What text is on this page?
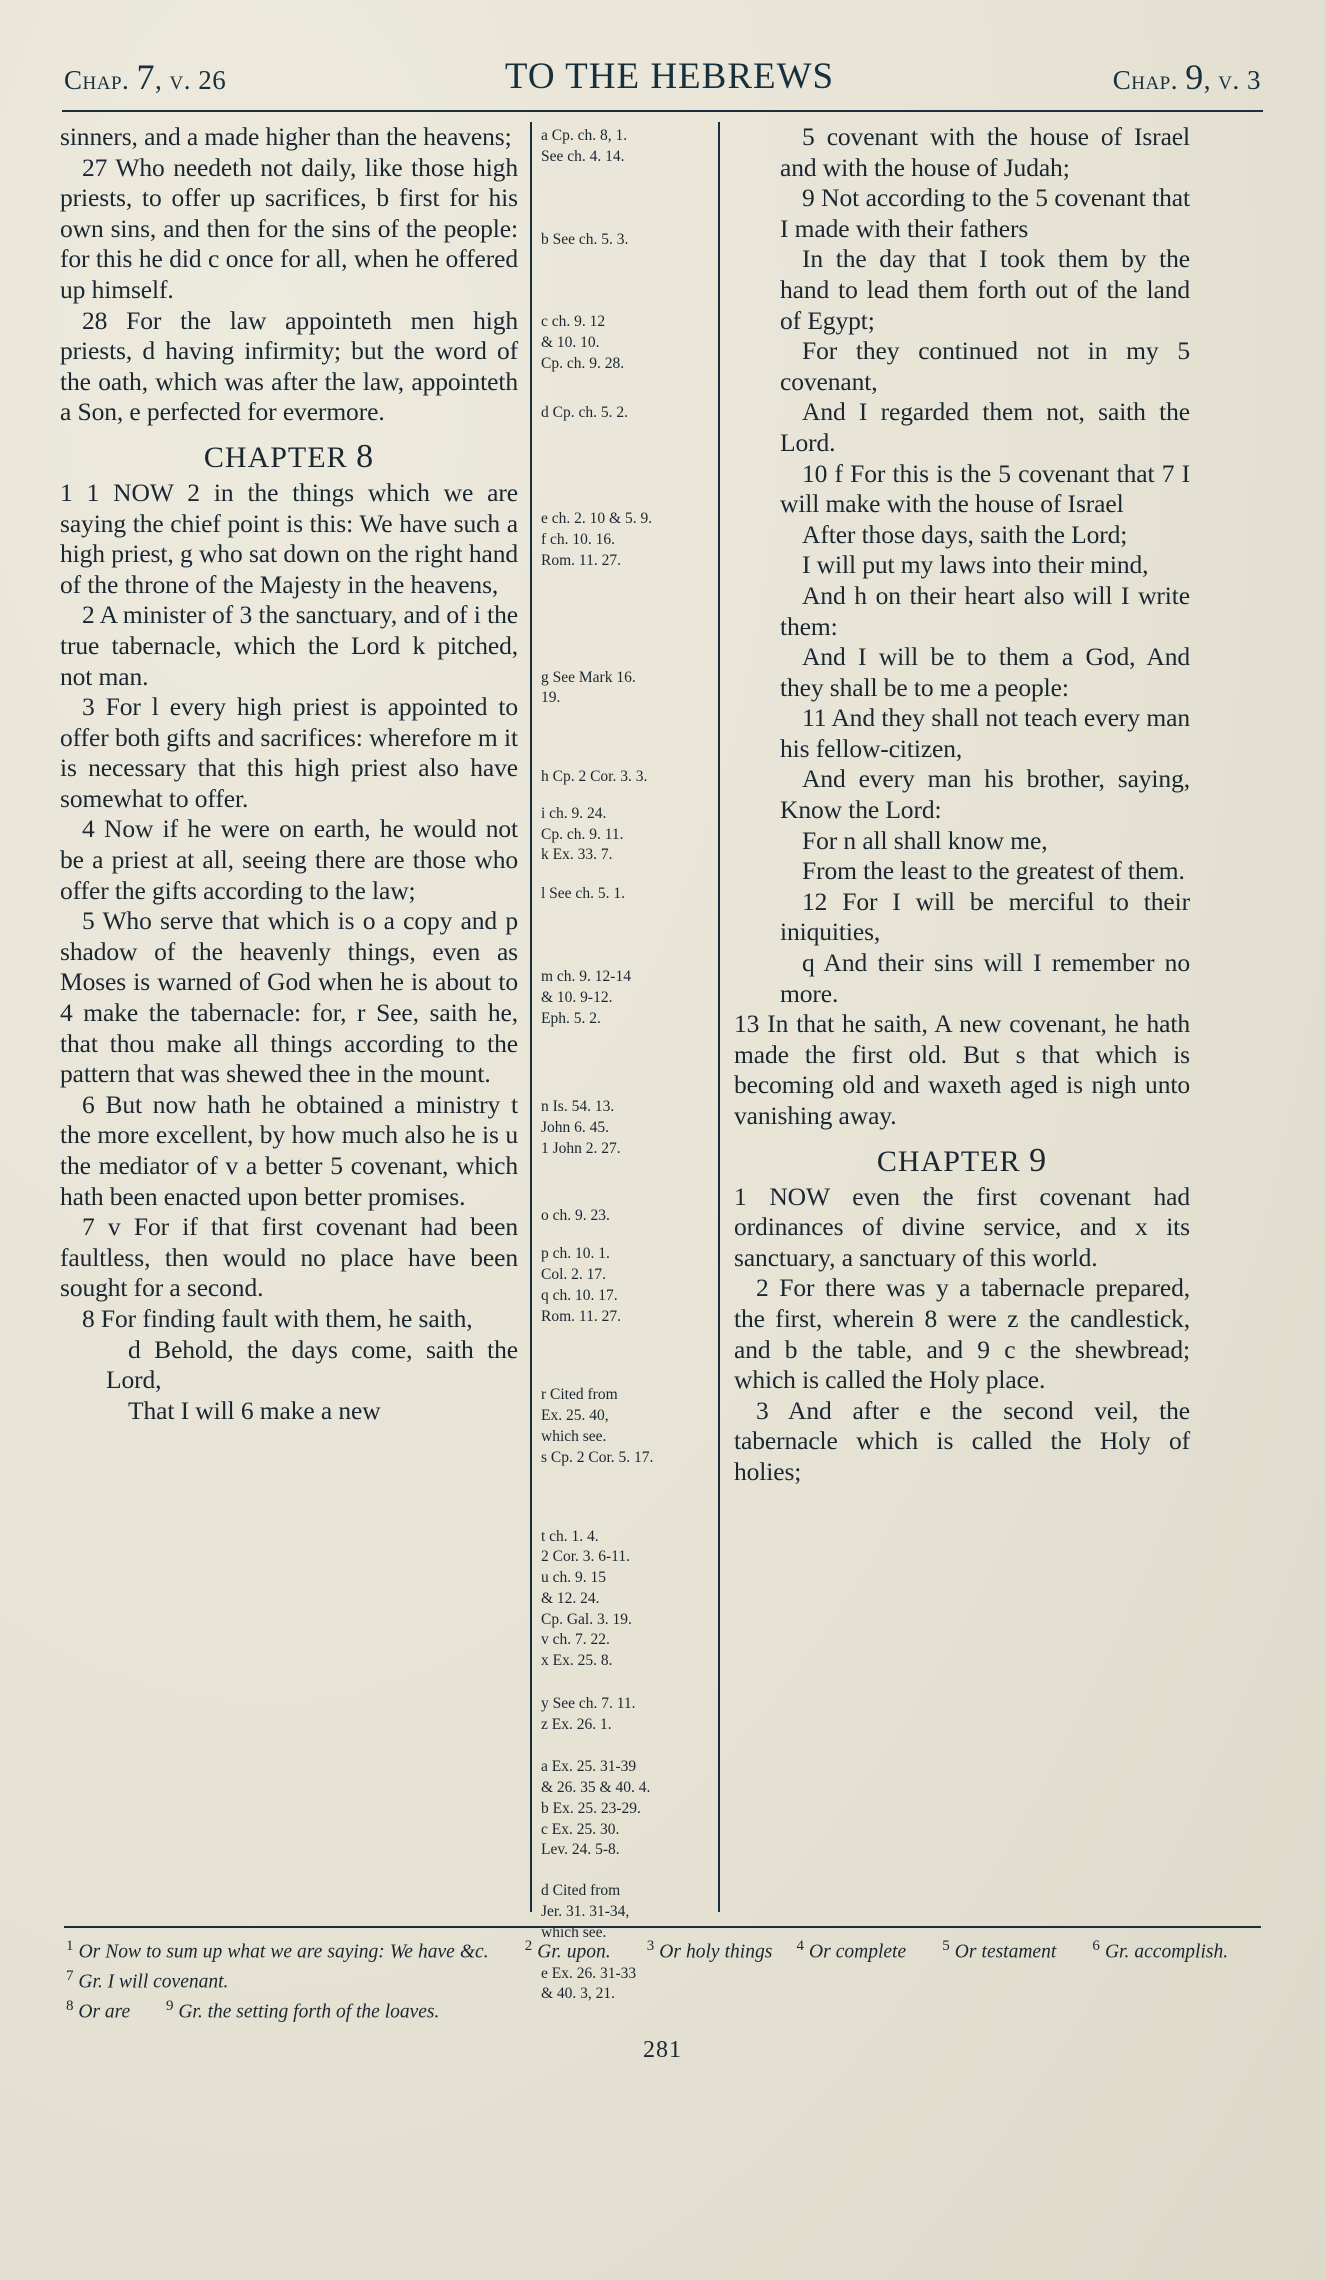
Chap. 7, v. 26	TO THE HEBREWS	Chap. 9, v. 3

sinners, and a made higher than the heavens;

27 Who needeth not daily, like those high priests, to offer up sacrifices, b first for his own sins, and then for the sins of the people: for this he did c once for all, when he offered up himself.

28 For the law appointeth men high priests, d having infirmity; but the word of the oath, which was after the law, appointeth a Son, e perfected for evermore.

CHAPTER 8

1 1 NOW 2 in the things which we are saying the chief point is this: We have such a high priest, g who sat down on the right hand of the throne of the Majesty in the heavens,

2 A minister of 3 the sanctuary, and of i the true tabernacle, which the Lord k pitched, not man.

3 For l every high priest is appointed to offer both gifts and sacrifices: wherefore m it is necessary that this high priest also have somewhat to offer.

4 Now if he were on earth, he would not be a priest at all, seeing there are those who offer the gifts according to the law;

5 Who serve that which is o a copy and p shadow of the heavenly things, even as Moses is warned of God when he is about to 4 make the tabernacle: for, r See, saith he, that thou make all things according to the pattern that was shewed thee in the mount.

6 But now hath he obtained a ministry t the more excellent, by how much also he is u the mediator of v a better 5 covenant, which hath been enacted upon better promises.

7 v For if that first covenant had been faultless, then would no place have been sought for a second.

8 For finding fault with them, he saith,

d Behold, the days come, saith the Lord,

That I will 6 make a new

a Cp. ch. 8, 1.

See ch. 4. 14.

b See ch. 5. 3.

c ch. 9. 12

& 10. 10.

Cp. ch. 9. 28.

d Cp. ch. 5. 2.

e ch. 2. 10 & 5. 9.

f ch. 10. 16.

Rom. 11. 27.

g See Mark 16.

19.

h Cp. 2 Cor. 3. 3.

i ch. 9. 24.

Cp. ch. 9. 11.

k Ex. 33. 7.

l See ch. 5. 1.

m ch. 9. 12-14

& 10. 9-12.

Eph. 5. 2.

n Is. 54. 13.

John 6. 45.

1 John 2. 27.

o ch. 9. 23.

p ch. 10. 1.

Col. 2. 17.

q ch. 10. 17.

Rom. 11. 27.

r Cited from

Ex. 25. 40,

which see.

s Cp. 2 Cor. 5. 17.

t ch. 1. 4.

2 Cor. 3. 6-11.

u ch. 9. 15

& 12. 24.

Cp. Gal. 3. 19.

v ch. 7. 22.

x Ex. 25. 8.

y See ch. 7. 11.

z Ex. 26. 1.

a Ex. 25. 31-39

& 26. 35 & 40. 4.

b Ex. 25. 23-29.

c Ex. 25. 30.

Lev. 24. 5-8.

d Cited from

Jer. 31. 31-34,

which see.

e Ex. 26. 31-33

& 40. 3, 21.

5 covenant with the house of Israel and with the house of Judah;

9 Not according to the 5 covenant that I made with their fathers

In the day that I took them by the hand to lead them forth out of the land of Egypt;

For they continued not in my 5 covenant,

And I regarded them not, saith the Lord.

10 f For this is the 5 covenant that 7 I will make with the house of Israel

After those days, saith the Lord;

I will put my laws into their mind,

And h on their heart also will I write them:

And I will be to them a God, And they shall be to me a people:

11 And they shall not teach every man his fellow-citizen,

And every man his brother, saying, Know the Lord:

For n all shall know me,

From the least to the greatest of them.

12 For I will be merciful to their iniquities,

q And their sins will I remember no more.

13 In that he saith, A new covenant, he hath made the first old. But s that which is becoming old and waxeth aged is nigh unto vanishing away.

CHAPTER 9

1 NOW even the first covenant had ordinances of divine service, and x its sanctuary, a sanctuary of this world.

2 For there was y a tabernacle prepared, the first, wherein 8 were z the candlestick, and b the table, and 9 c the shewbread; which is called the Holy place.

3 And after e the second veil, the tabernacle which is called the Holy of holies;

$^1$ Or Now to sum up what we are saying: We have &c. $^2$ Gr. upon. $^3$ Or holy things $^4$ Or complete $^5$ Or testament $^6$ Gr. accomplish.  $^7$ Gr. I will covenant.
$^8$ Or are $^9$ Gr. the setting forth of the loaves.
281
